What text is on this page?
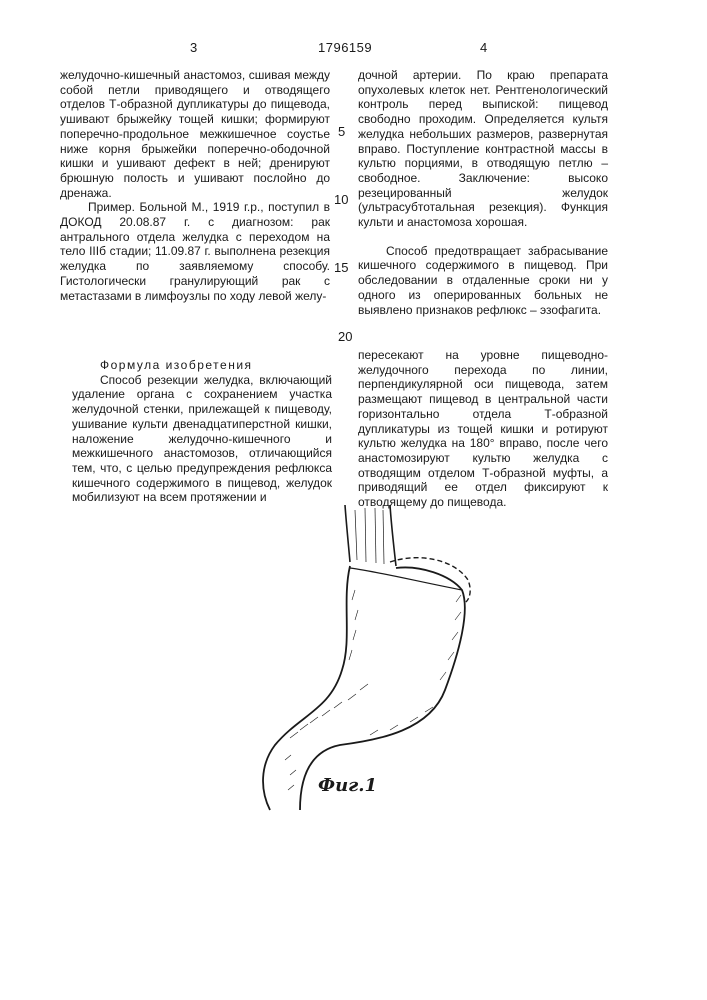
3	1796159	4

желудочно-кишечный анастомоз, сшивая между собой петли приводящего и отводящего отделов Т-образной дупликатуры до пищевода, ушивают брыжейку тощей кишки; формируют поперечно-продольное межкишечное соустье ниже корня брыжейки поперечно-ободочной кишки и ушивают дефект в ней; дренируют брюшную полость и ушивают послойно до дренажа.

Пример. Больной М., 1919 г.р., поступил в ДОКОД 20.08.87 г. с диагнозом: рак антрального отдела желудка с переходом на тело IIIб стадии; 11.09.87 г. выполнена резекция желудка по заявляемому способу. Гистологически гранулирующий рак с метастазами в лимфоузлы по ходу левой желу-

дочной артерии. По краю препарата опухолевых клеток нет. Рентгенологический контроль перед выпиской: пищевод свободно проходим. Определяется культя желудка небольших размеров, развернутая вправо. Поступление контрастной массы в культю порциями, в отводящую петлю – свободное. Заключение: высоко резецированный желудок (ультрасубтотальная резекция). Функция культи и анастомоза хорошая.

Способ предотвращает забрасывание кишечного содержимого в пищевод. При обследовании в отдаленные сроки ни у одного из оперированных больных не выявлено признаков рефлюкс – эзофагита.

5
10
15
20

Формула изобретения

Способ резекции желудка, включающий удаление органа с сохранением участка желудочной стенки, прилежащей к пищеводу, ушивание культи двенадцатиперстной кишки, наложение желудочно-кишечного и межкишечного анастомозов, отличающийся тем, что, с целью предупреждения рефлюкса кишечного содержимого в пищевод, желудок мобилизуют на всем протяжении и

пересекают на уровне пищеводно-желудочного перехода по линии, перпендикулярной оси пищевода, затем размещают пищевод в центральной части горизонтально отдела Т-образной дупликатуры из тощей кишки и ротируют культю желудка на 180° вправо, после чего анастомозируют культю желудка с отводящим отделом Т-образной муфты, а приводящий ее отдел фиксируют к отводящему до пищевода.

Фиг.1
